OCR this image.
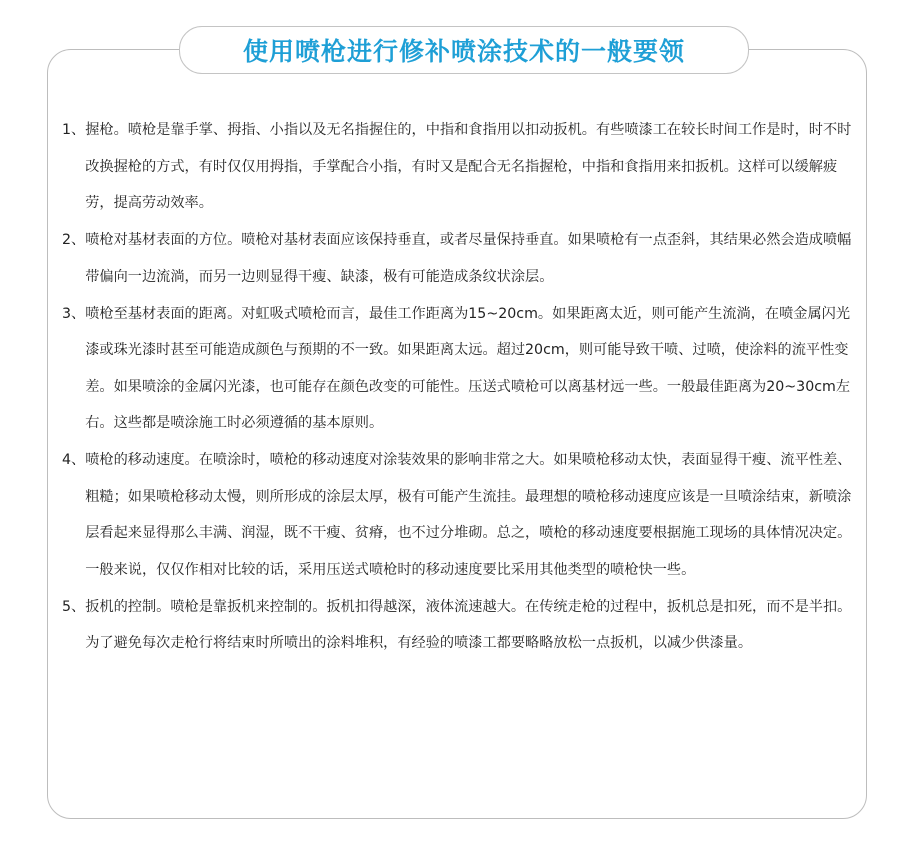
使用喷枪进行修补喷涂技术的一般要领
1、 握枪。喷枪是靠手掌、拇指、小指以及无名指握住的，中指和食指用以扣动扳机。有些喷漆工在较长时间工作是时，时不时改换握枪的方式，有时仅仅用拇指，手掌配合小指，有时又是配合无名指握枪，中指和食指用来扣扳机。这样可以缓解疲劳，提高劳动效率。
2、 喷枪对基材表面的方位。喷枪对基材表面应该保持垂直，或者尽量保持垂直。如果喷枪有一点歪斜，其结果必然会造成喷幅带偏向一边流淌，而另一边则显得干瘦、缺漆，极有可能造成条纹状涂层。
3、 喷枪至基材表面的距离。对虹吸式喷枪而言，最佳工作距离为15~20cm。如果距离太近，则可能产生流淌，在喷金属闪光漆或珠光漆时甚至可能造成颜色与预期的不一致。如果距离太远。超过20cm，则可能导致干喷、过喷，使涂料的流平性变差。如果喷涂的金属闪光漆，也可能存在颜色改变的可能性。压送式喷枪可以离基材远一些。一般最佳距离为20~30cm左右。这些都是喷涂施工时必须遵循的基本原则。
4、 喷枪的移动速度。在喷涂时，喷枪的移动速度对涂装效果的影响非常之大。如果喷枪移动太快，表面显得干瘦、流平性差、粗糙；如果喷枪移动太慢，则所形成的涂层太厚，极有可能产生流挂。最理想的喷枪移动速度应该是一旦喷涂结束，新喷涂层看起来显得那么丰满、润湿，既不干瘦、贫瘠，也不过分堆砌。总之，喷枪的移动速度要根据施工现场的具体情况决定。一般来说，仅仅作相对比较的话，采用压送式喷枪时的移动速度要比采用其他类型的喷枪快一些。
5、 扳机的控制。喷枪是靠扳机来控制的。扳机扣得越深，液体流速越大。在传统走枪的过程中，扳机总是扣死，而不是半扣。为了避免每次走枪行将结束时所喷出的涂料堆积，有经验的喷漆工都要略略放松一点扳机，以减少供漆量。
